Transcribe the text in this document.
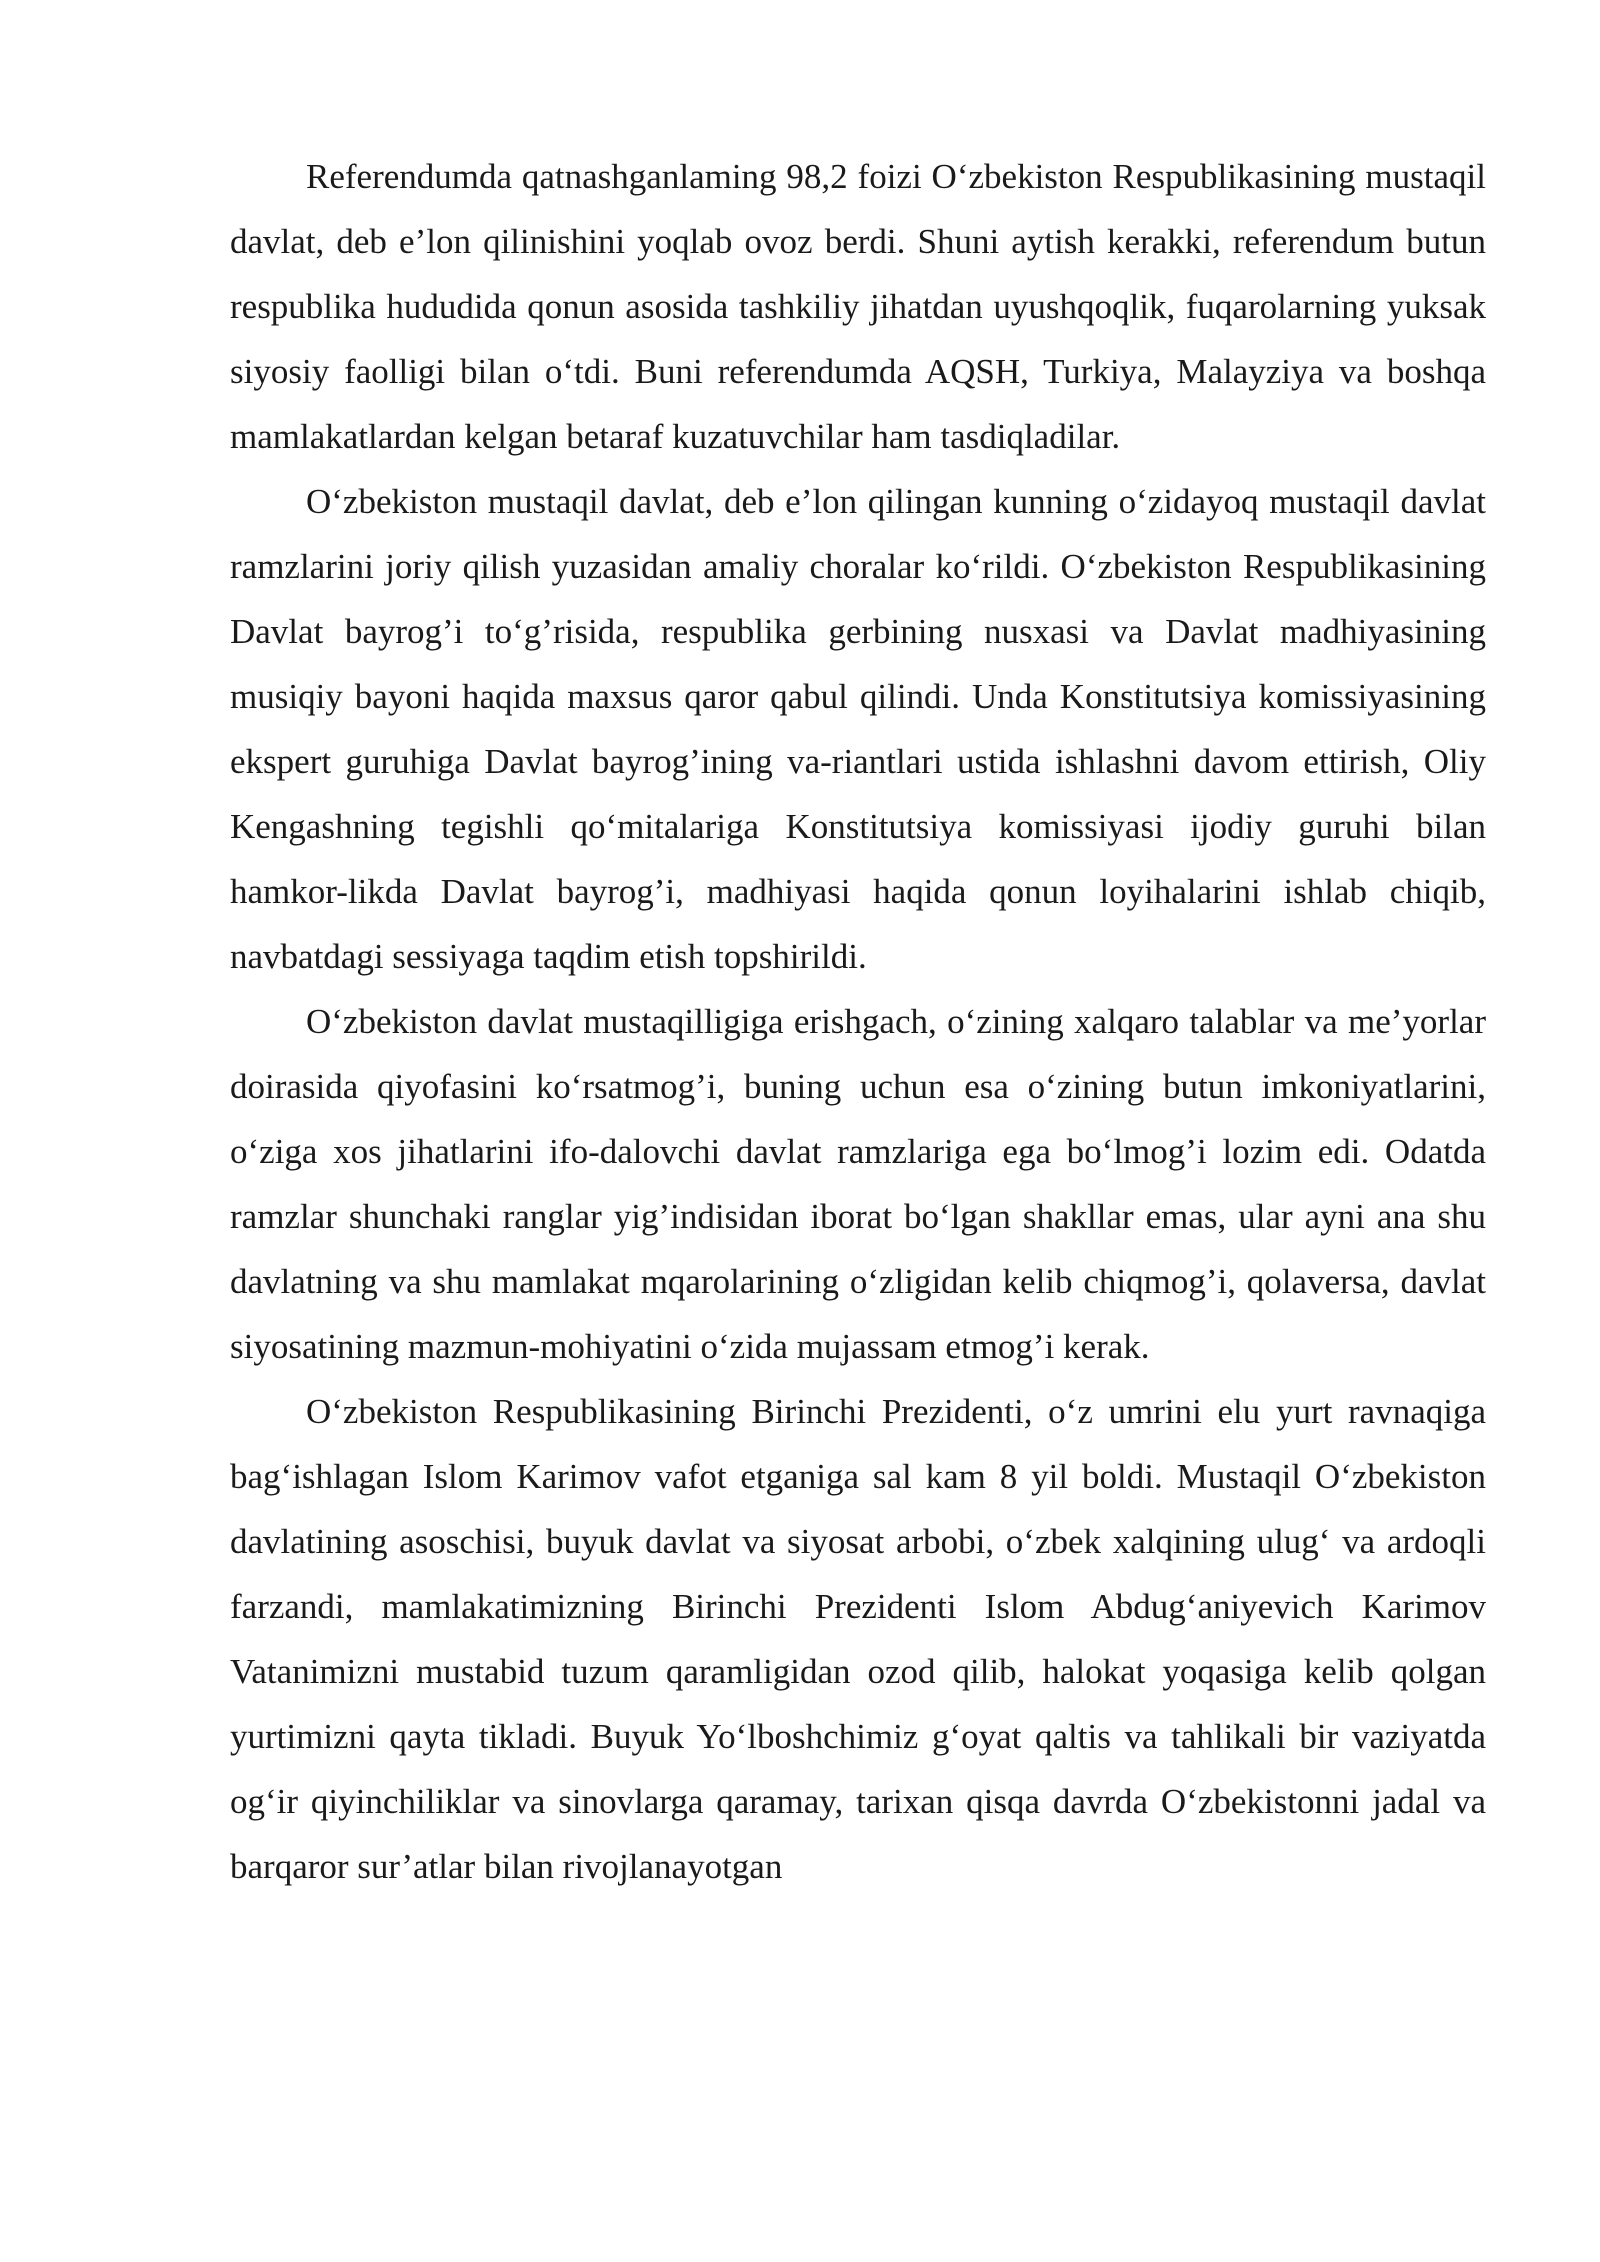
Referendumda qatnashganlaming 98,2 foizi O‘zbekiston Respublikasining mustaqil davlat, deb e’lon qilinishini yoqlab ovoz berdi. Shuni aytish kerakki, referendum butun respublika hududida qonun asosida tashkiliy jihatdan uyushqoqlik, fuqarolarning yuksak siyosiy faolligi bilan o‘tdi. Buni referendumda AQSH, Turkiya, Malayziya va boshqa mamlakatlardan kelgan betaraf kuzatuvchilar ham tasdiqladilar.

O‘zbekiston mustaqil davlat, deb e’lon qilingan kunning o‘zidayoq mustaqil davlat ramzlarini joriy qilish yuzasidan amaliy choralar ko‘rildi. O‘zbekiston Respublikasining Davlat bayrog’i to‘g’risida, respublika gerbining nusxasi va Davlat madhiyasining musiqiy bayoni haqida maxsus qaror qabul qilindi. Unda Konstitutsiya komissiyasining ekspert guruhiga Davlat bayrog’ining va-riantlari ustida ishlashni davom ettirish, Oliy Kengashning tegishli qo‘mitalariga Konstitutsiya komissiyasi ijodiy guruhi bilan hamkor-likda Davlat bayrog’i, madhiyasi haqida qonun loyihalarini ishlab chiqib, navbatdagi sessiyaga taqdim etish topshirildi.

O‘zbekiston davlat mustaqilligiga erishgach, o‘zining xalqaro talablar va me’yorlar doirasida qiyofasini ko‘rsatmog’i, buning uchun esa o‘zining butun imkoniyatlarini, o‘ziga xos jihatlarini ifo-dalovchi davlat ramzlariga ega bo‘lmog’i lozim edi. Odatda ramzlar shunchaki ranglar yig’indisidan iborat bo‘lgan shakllar emas, ular ayni ana shu davlatning va shu mamlakat mqarolarining o‘zligidan kelib chiqmog’i, qolaversa, davlat siyosatining mazmun-mohiyatini o‘zida mujassam etmog’i kerak.

O‘zbekiston Respublikasining Birinchi Prezidenti, o‘z umrini elu yurt ravnaqiga bag‘ishlagan Islom Karimov vafot etganiga sal kam 8 yil boldi. Mustaqil O‘zbekiston davlatining asoschisi, buyuk davlat va siyosat arbobi, o‘zbek xalqining ulug‘ va ardoqli farzandi, mamlakatimizning Birinchi Prezidenti Islom Abdug‘aniyevich Karimov Vatanimizni mustabid tuzum qaramligidan ozod qilib, halokat yoqasiga kelib qolgan yurtimizni qayta tikladi. Buyuk Yo‘lboshchimiz g‘oyat qaltis va tahlikali bir vaziyatda og‘ir qiyinchiliklar va sinovlarga qaramay, tarixan qisqa davrda O‘zbekistonni jadal va barqaror sur’atlar bilan rivojlanayotgan
